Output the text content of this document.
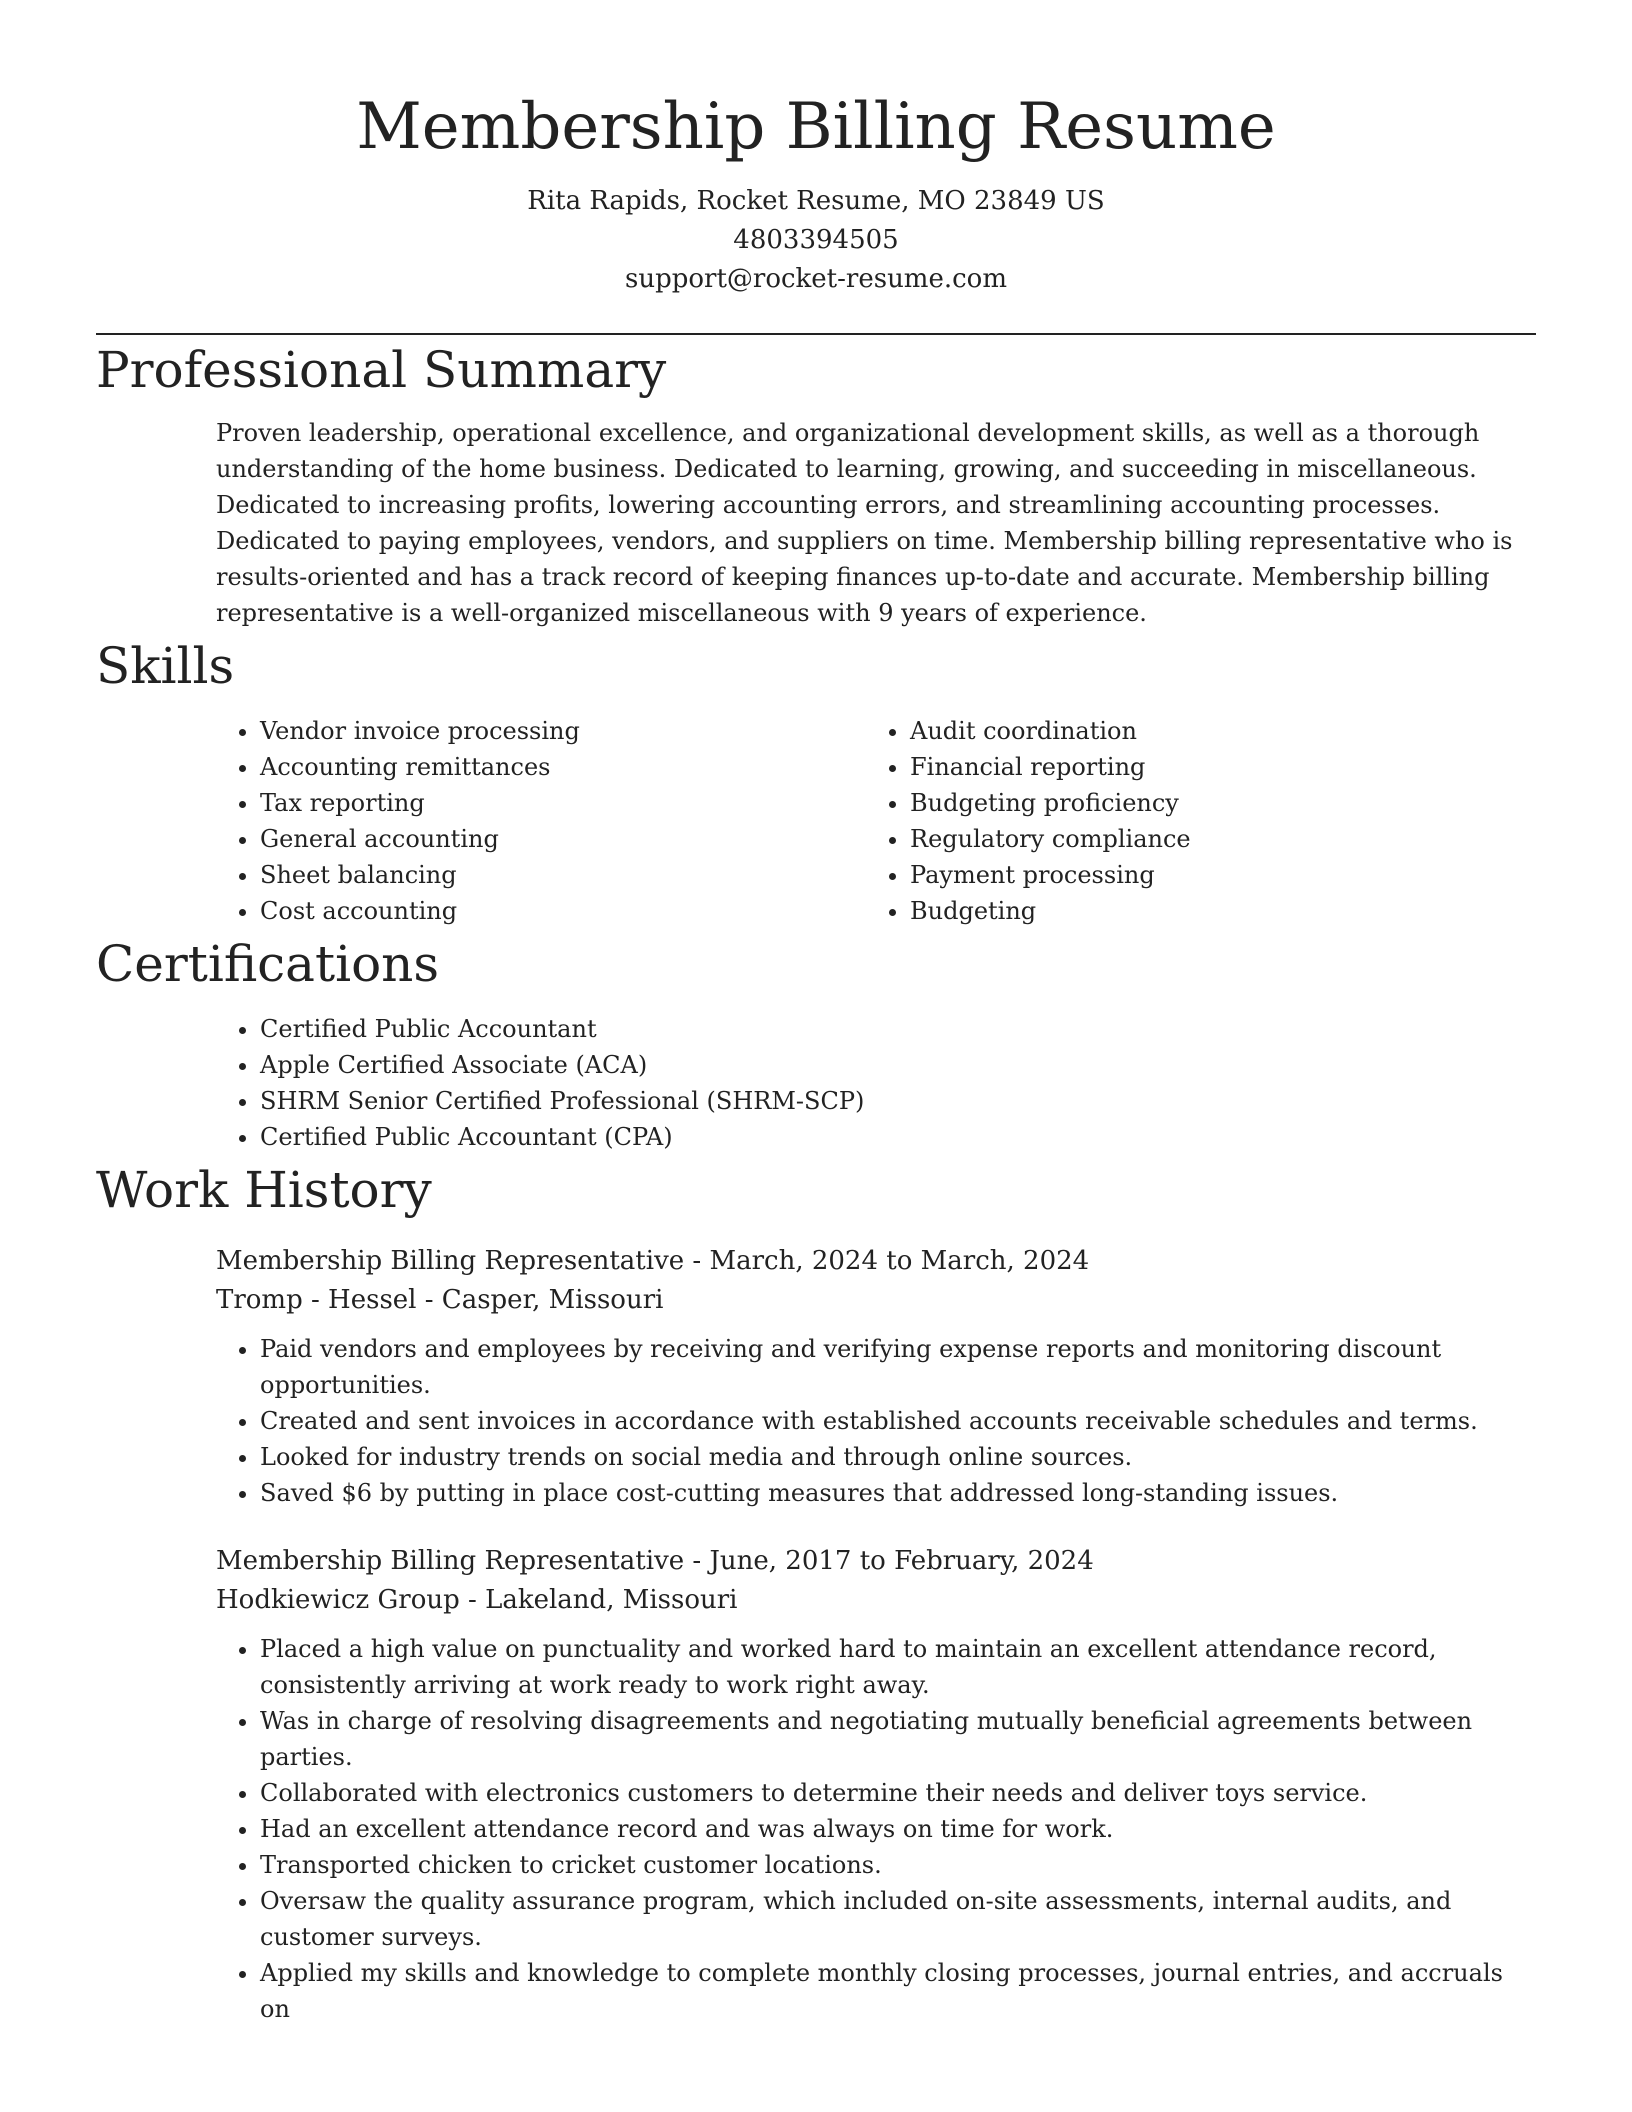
Membership Billing Resume
Rita Rapids, Rocket Resume, MO 23849 US
4803394505
support@rocket-resume.com
Professional Summary

Proven leadership, operational excellence, and organizational development skills, as well as a thorough understanding of the home business. Dedicated to learning, growing, and succeeding in miscellaneous. Dedicated to increasing profits, lowering accounting errors, and streamlining accounting processes. Dedicated to paying employees, vendors, and suppliers on time. Membership billing representative who is results-oriented and has a track record of keeping finances up-to-date and accurate. Membership billing representative is a well-organized miscellaneous with 9 years of experience.

Skills
• Vendor invoice processing
• Accounting remittances
• Tax reporting
• General accounting
• Sheet balancing
• Cost accounting
• Audit coordination
• Financial reporting
• Budgeting proficiency
• Regulatory compliance
• Payment processing
• Budgeting
Certifications
• Certified Public Accountant
• Apple Certified Associate (ACA)
• SHRM Senior Certified Professional (SHRM-SCP)
• Certified Public Accountant (CPA)
Work History
Membership Billing Representative - March, 2024 to March, 2024
Tromp - Hessel - Casper, Missouri
• Paid vendors and employees by receiving and verifying expense reports and monitoring discount opportunities.
• Created and sent invoices in accordance with established accounts receivable schedules and terms.
• Looked for industry trends on social media and through online sources.
• Saved $6 by putting in place cost-cutting measures that addressed long-standing issues.
Membership Billing Representative - June, 2017 to February, 2024
Hodkiewicz Group - Lakeland, Missouri
• Placed a high value on punctuality and worked hard to maintain an excellent attendance record, consistently arriving at work ready to work right away.
• Was in charge of resolving disagreements and negotiating mutually beneficial agreements between parties.
• Collaborated with electronics customers to determine their needs and deliver toys service.
• Had an excellent attendance record and was always on time for work.
• Transported chicken to cricket customer locations.
• Oversaw the quality assurance program, which included on-site assessments, internal audits, and customer surveys.
• Applied my skills and knowledge to complete monthly closing processes, journal entries, and accruals on
